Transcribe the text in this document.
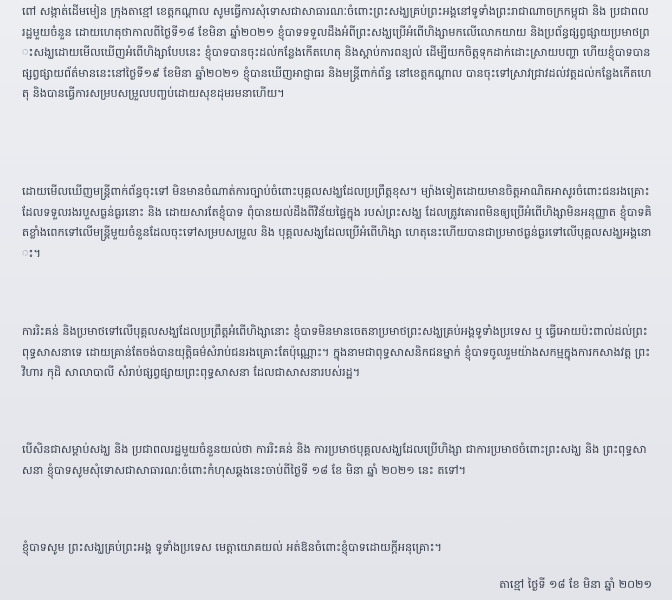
ពៅ សង្កាត់ដើមមៀន ក្រុងតាខ្មៅ ខេត្តកណ្ដាល សូមធ្វើការសុំទោសជាសាធារណៈចំពោះព្រះសង្ឃគ្រប់ព្រះអង្គនៅទូទាំងព្រះរាជាណាចក្រកម្ពុជា និង ប្រជាពលរដ្ឋមួយចំនួន ដោយហេតុថាកាលពីថ្ងៃទី១៨ ខែមិនា ឆ្នាំ២០២១ ខ្ញុំបាទទទួលដឹងអំពីព្រះសង្ឃប្រើអំពើហិង្សាមកលើលោកយាយ និងប្រព័ន្ធផ្សព្វផ្សាយប្រមាថព្រះសង្ឃដោយមើលឃើញអំពើហិង្សាបែបនេះ ខ្ញុំបាទបានចុះដល់កន្លែងកើតហេតុ និងស្ដាប់ការពន្យល់ ដើម្បីយកចិត្តទុកដាក់ដោះស្រាយបញ្ហា ហើយខ្ញុំបាទបានផ្សព្វផ្សាយព័ត៌មាននេះនៅថ្ងៃទី១៩ ខែមិនា ឆ្នាំ២០២១ ខ្ញុំបានឃើញអាជ្ញាធរ និងមន្ត្រីពាក់ព័ន្ធ នៅខេត្តកណ្ដាល បានចុះទៅស្រាវជ្រាវដល់វត្តដល់កន្លែងកើតហេតុ និងបានធ្វើការសម្របសម្រួលបញ្ចប់ដោយសុខដុមរមនាហើយ។
ដោយមើលឃើញមន្ត្រីពាក់ព័ន្ធចុះទៅ មិនមានចំណាត់ការច្បាប់ចំពោះបុគ្គលសង្ឃដែលប្រព្រឹត្តខុស។ ម្យ៉ាងទៀតដោយមានចិត្តអាណិតអាសូរចំពោះជនរងគ្រោះ ដែលទទួលរងរបួសធ្ងន់ធ្ងរនោះ និង ដោយសារតែខ្ញុំបាទ ពុំបានយល់ដឹងពីវិន័យផ្ទៃក្នុង របស់ព្រះសង្ឃ ដែលត្រូវគោរពមិនឲ្យប្រើអំពើហិង្សាមិនអនុញ្ញាត ខ្ញុំបាទគិតខ្លាំងពេកទៅលើមន្ត្រីមួយចំនួនដែលចុះទៅសម្របសម្រួល និង បុគ្គលសង្ឃដែលប្រើអំពើហិង្សា ហេតុនេះហើយបានជាប្រមាថធ្ងន់ធ្ងរទៅលើបុគ្គលសង្ឃអង្គនោះ។
ការរិះគន់ និងប្រមាថទៅលើបុគ្គលសង្ឃដែលប្រព្រឹត្តអំពើហិង្សានោះ ខ្ញុំបាទមិនមានចេតនាប្រមាថព្រះសង្ឃគ្រប់អង្គទូទាំងប្រទេស ឬ ធ្វើអោយប៉ះពាល់ដល់ព្រះពុទ្ធសាសនាទេ ដោយគ្រាន់តែចង់បានយុត្តិធម៌សំរាប់ជនរងគ្រោះតែប៉ុណ្ណោះ។ ក្នុងនាមជាពុទ្ធសាសនិកជនម្នាក់ ខ្ញុំបាទចូលរួមយ៉ាងសកម្មក្នុងការកសាងវត្ត ព្រះវិហារ កុដិ សាលាបាលី សំរាប់ផ្សព្វផ្សាយព្រះពុទ្ធសាសនា ដែលជាសាសនារបស់រដ្ឋ។
បើសិនជាសម្ដាប់សង្ឃ និង ប្រជាពលរដ្ឋមួយចំនួនយល់ថា ការរិះគន់ និង ការប្រមាថបុគ្គលសង្ឃដែលប្រើហិង្សា ជាការប្រមាថចំពោះព្រះសង្ឃ និង ព្រះពុទ្ធសាសនា ខ្ញុំបាទសូមសុំទោសជាសាធារណៈចំពោះកំហុសឆ្គងនេះចាប់ពីថ្ងៃទី ១៨ ខែ មិនា ឆ្នាំ ២០២១ នេះ តទៅ។
ខ្ញុំបាទសូម ព្រះសង្ឃគ្រប់ព្រះអង្គ ទូទាំងប្រទេស មេត្តាយោគយល់ អត់ឱនចំពោះខ្ញុំបាទដោយក្ដីអនុគ្រោះ។
តាខ្មៅ ថ្ងៃទី ១៨ ខែ មិនា ឆ្នាំ ២០២១
